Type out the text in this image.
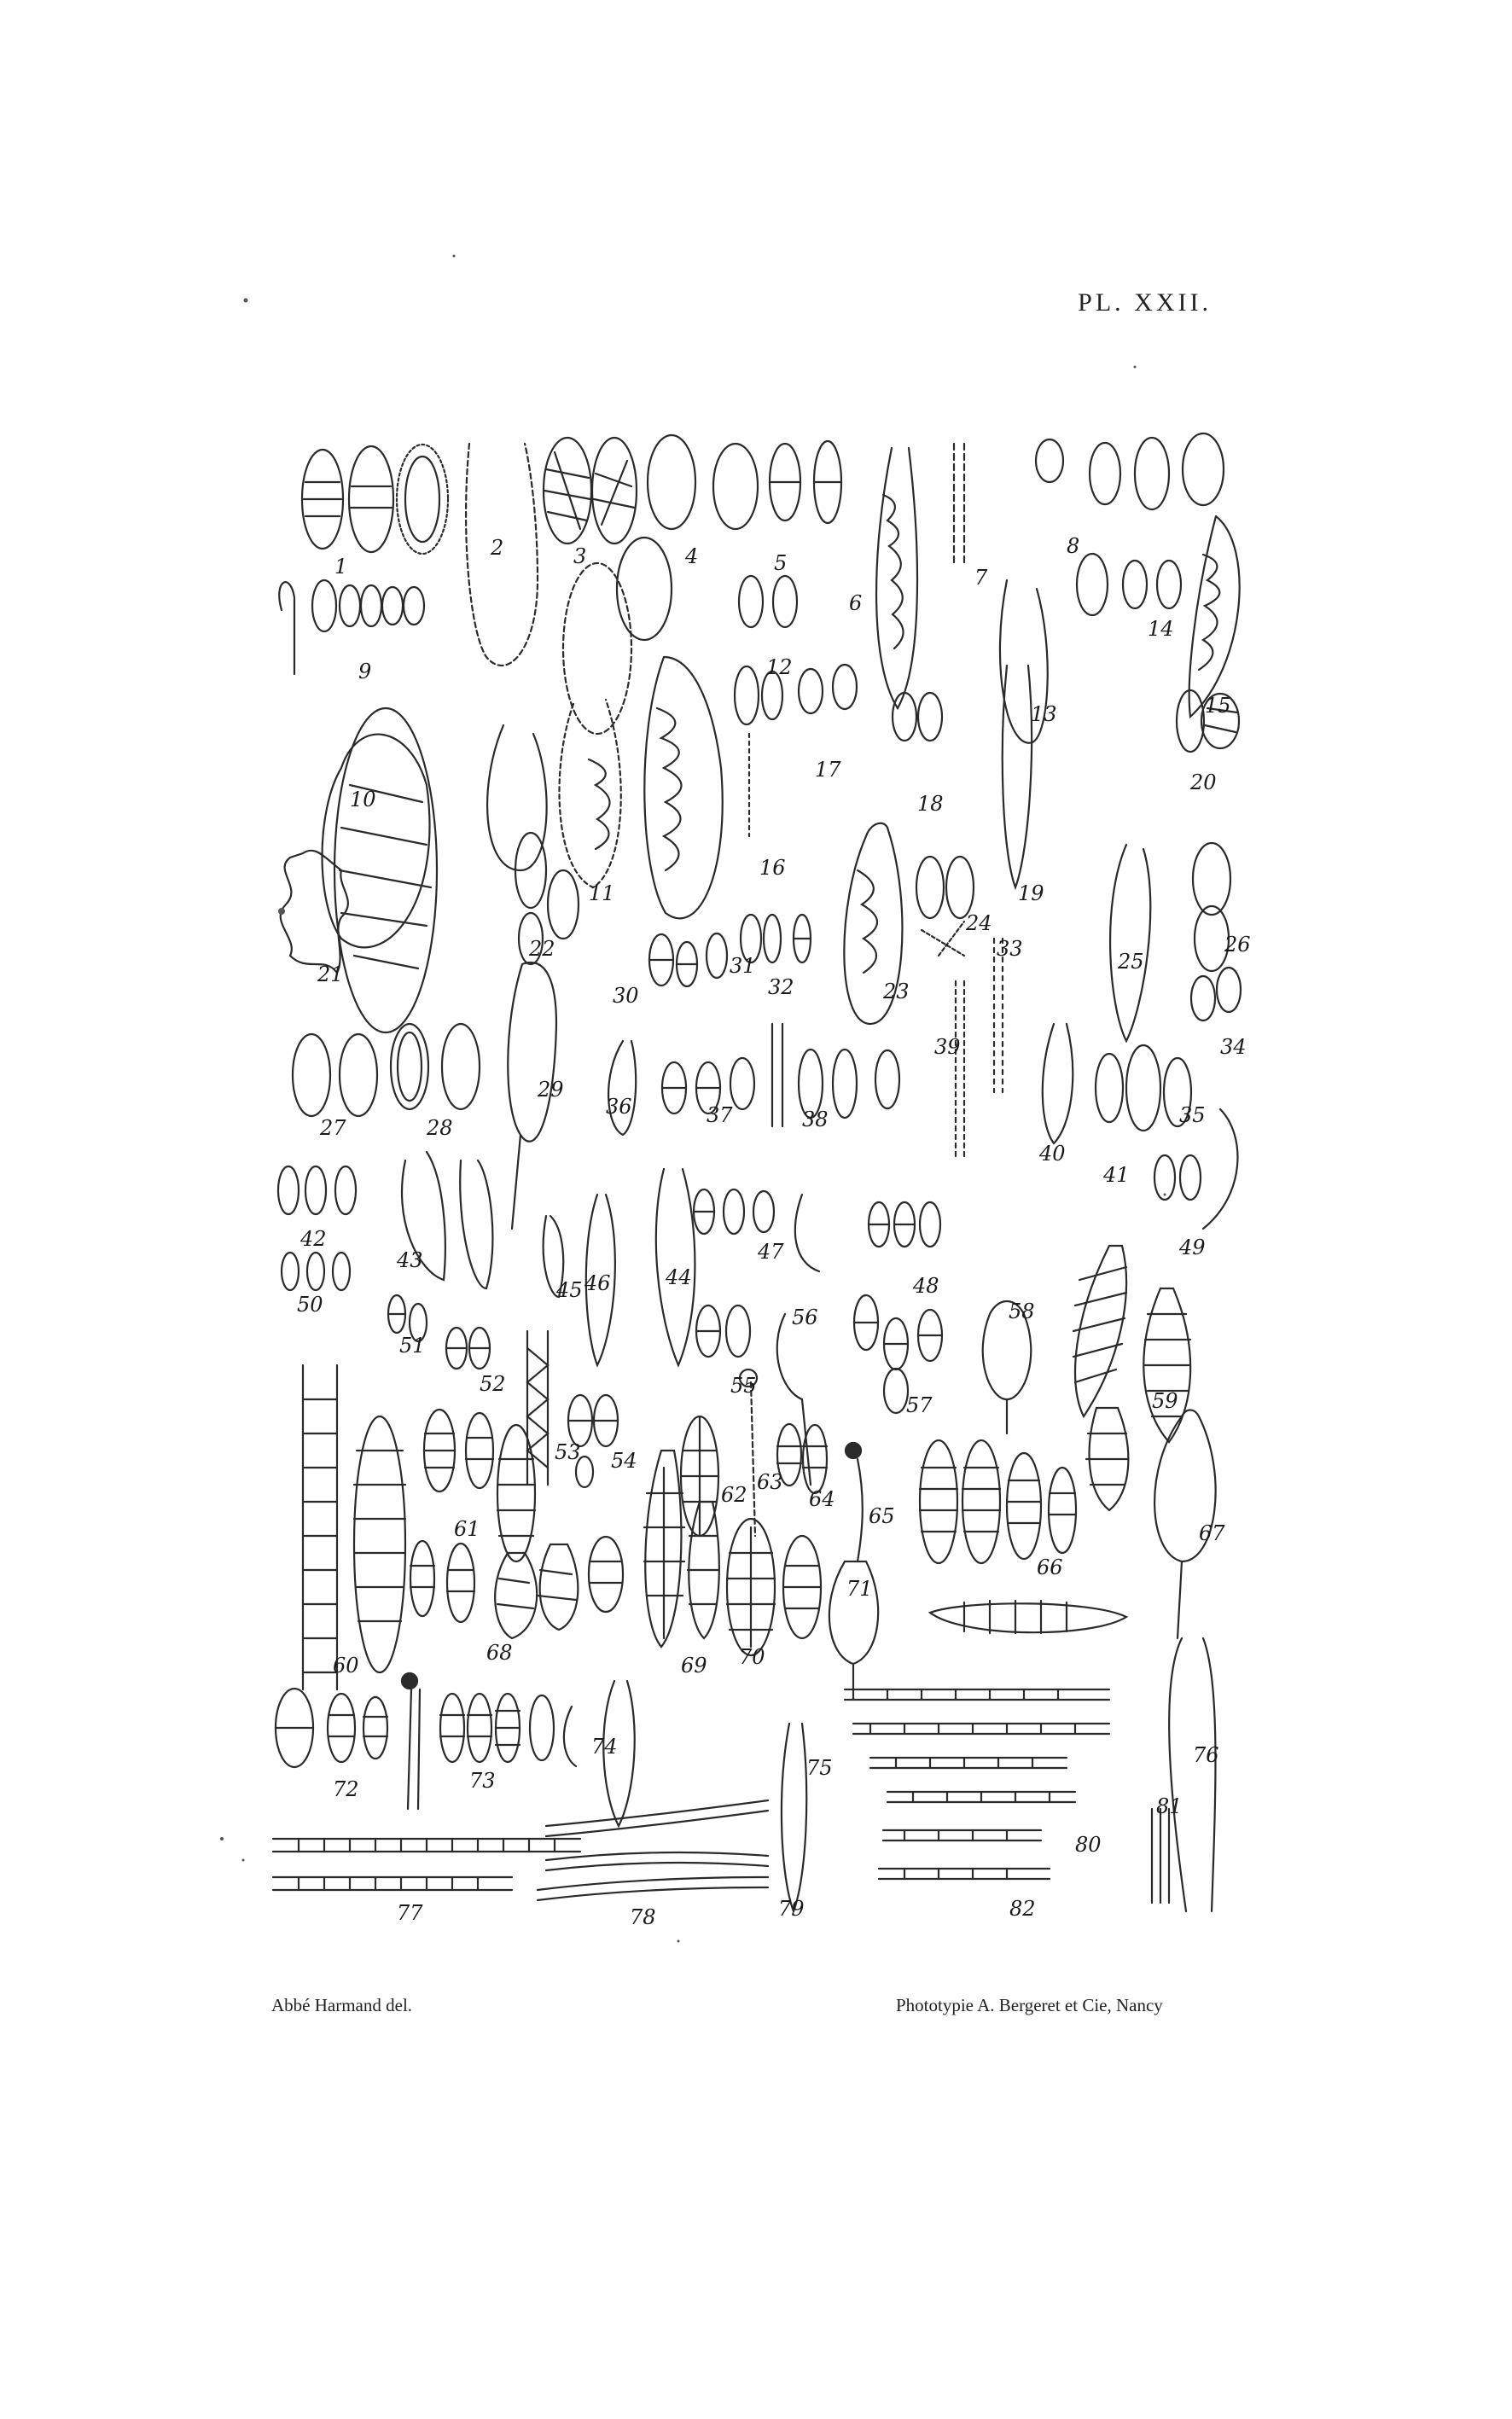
PL. XXII.
1
2	3	4	5
6
7
8
9
10
11
12
13
14
15
16
17
18
19
20
21
22
23
24
25
26
27	28
29
30
31
32
33
34
35
36	37	38
39
40
41
42
43
44
45 46
47
48
49
50
51
52
53 54
55
56
57
58
59
60
61
62
63
64
65
66
67
68
69 70
71
72	73
74
75
76
77	78	79
80
81
82
Abbé Harmand del.	Phototypie A. Bergeret et Cie, Nancy
